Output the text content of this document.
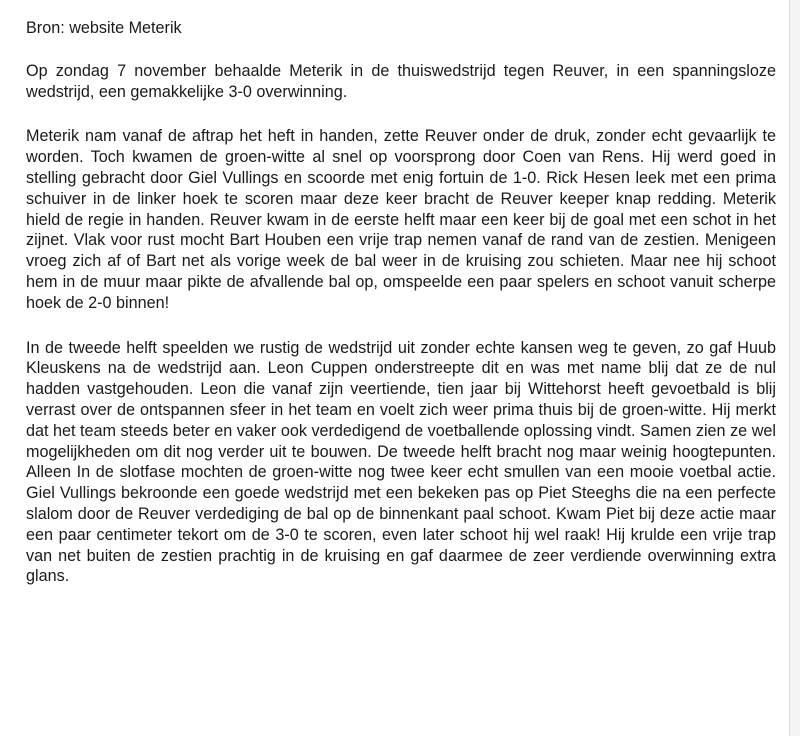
Bron: website Meterik

Op zondag 7 november behaalde Meterik in de thuiswedstrijd tegen Reuver, in een spanningsloze wedstrijd, een gemakkelijke 3-0 overwinning.

Meterik nam vanaf de aftrap het heft in handen, zette Reuver onder de druk, zonder echt gevaarlijk te worden. Toch kwamen de groen-witte al snel op voorsprong door Coen van Rens. Hij werd goed in stelling gebracht door Giel Vullings en scoorde met enig fortuin de 1-0. Rick Hesen leek met een prima schuiver in de linker hoek te scoren maar deze keer bracht de Reuver keeper knap redding. Meterik hield de regie in handen. Reuver kwam in de eerste helft maar een keer bij de goal met een schot in het zijnet. Vlak voor rust mocht Bart Houben een vrije trap nemen vanaf de rand van de zestien. Menigeen vroeg zich af of Bart net als vorige week de bal weer in de kruising zou schieten. Maar nee hij schoot hem in de muur maar pikte de afvallende bal op, omspeelde een paar spelers en schoot vanuit scherpe hoek de 2-0 binnen!

In de tweede helft speelden we rustig de wedstrijd uit zonder echte kansen weg te geven, zo gaf Huub Kleuskens na de wedstrijd aan. Leon Cuppen onderstreepte dit en was met name blij dat ze de nul hadden vastgehouden. Leon die vanaf zijn veertiende, tien jaar bij Wittehorst heeft gevoetbald is blij verrast over de ontspannen sfeer in het team en voelt zich weer prima thuis bij de groen-witte. Hij merkt dat het team steeds beter en vaker ook verdedigend de voetballende oplossing vindt. Samen zien ze wel mogelijkheden om dit nog verder uit te bouwen. De tweede helft bracht nog maar weinig hoogtepunten. Alleen In de slotfase mochten de groen-witte nog twee keer echt smullen van een mooie voetbal actie. Giel Vullings bekroonde een goede wedstrijd met een bekeken pas op Piet Steeghs die na een perfecte slalom door de Reuver verdediging de bal op de binnenkant paal schoot. Kwam Piet bij deze actie maar een paar centimeter tekort om de 3-0 te scoren, even later schoot hij wel raak! Hij krulde een vrije trap van net buiten de zestien prachtig in de kruising en gaf daarmee de zeer verdiende overwinning extra glans.
